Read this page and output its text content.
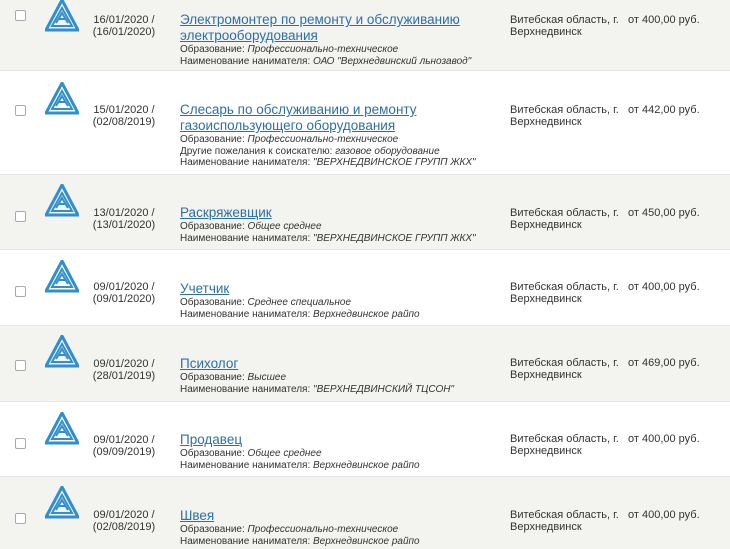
16/01/2020 /
(16/01/2020)
Электромонтер по ремонту и обслуживанию электрооборудования
Образование: Профессионально-техническое
Наименование нанимателя: ОАО "Верхнедвинский льнозавод"
Витебская область, г. Верхнедвинск
от 400,00 руб.
15/01/2020 /
(02/08/2019)
Слесарь по обслуживанию и ремонту газоиспользующего оборудования
Образование: Профессионально-техническое
Другие пожелания к соискателю: газовое оборудование
Наименование нанимателя: "ВЕРХНЕДВИНСКОЕ ГРУПП ЖКХ"
Витебская область, г. Верхнедвинск
от 442,00 руб.
13/01/2020 /
(13/01/2020)
Раскряжевщик
Образование: Общее среднее
Наименование нанимателя: "ВЕРХНЕДВИНСКОЕ ГРУПП ЖКХ"
Витебская область, г. Верхнедвинск
от 450,00 руб.
09/01/2020 /
(09/01/2020)
Учетчик
Образование: Среднее специальное
Наименование нанимателя: Верхнедвинское райпо
Витебская область, г. Верхнедвинск
от 400,00 руб.
09/01/2020 /
(28/01/2019)
Психолог
Образование: Высшее
Наименование нанимателя: "ВЕРХНЕДВИНСКИЙ ТЦСОН"
Витебская область, г. Верхнедвинск
от 469,00 руб.
09/01/2020 /
(09/09/2019)
Продавец
Образование: Общее среднее
Наименование нанимателя: Верхнедвинское райпо
Витебская область, г. Верхнедвинск
от 400,00 руб.
09/01/2020 /
(02/08/2019)
Швея
Образование: Профессионально-техническое
Наименование нанимателя: Верхнедвинское райпо
Витебская область, г. Верхнедвинск
от 400,00 руб.
